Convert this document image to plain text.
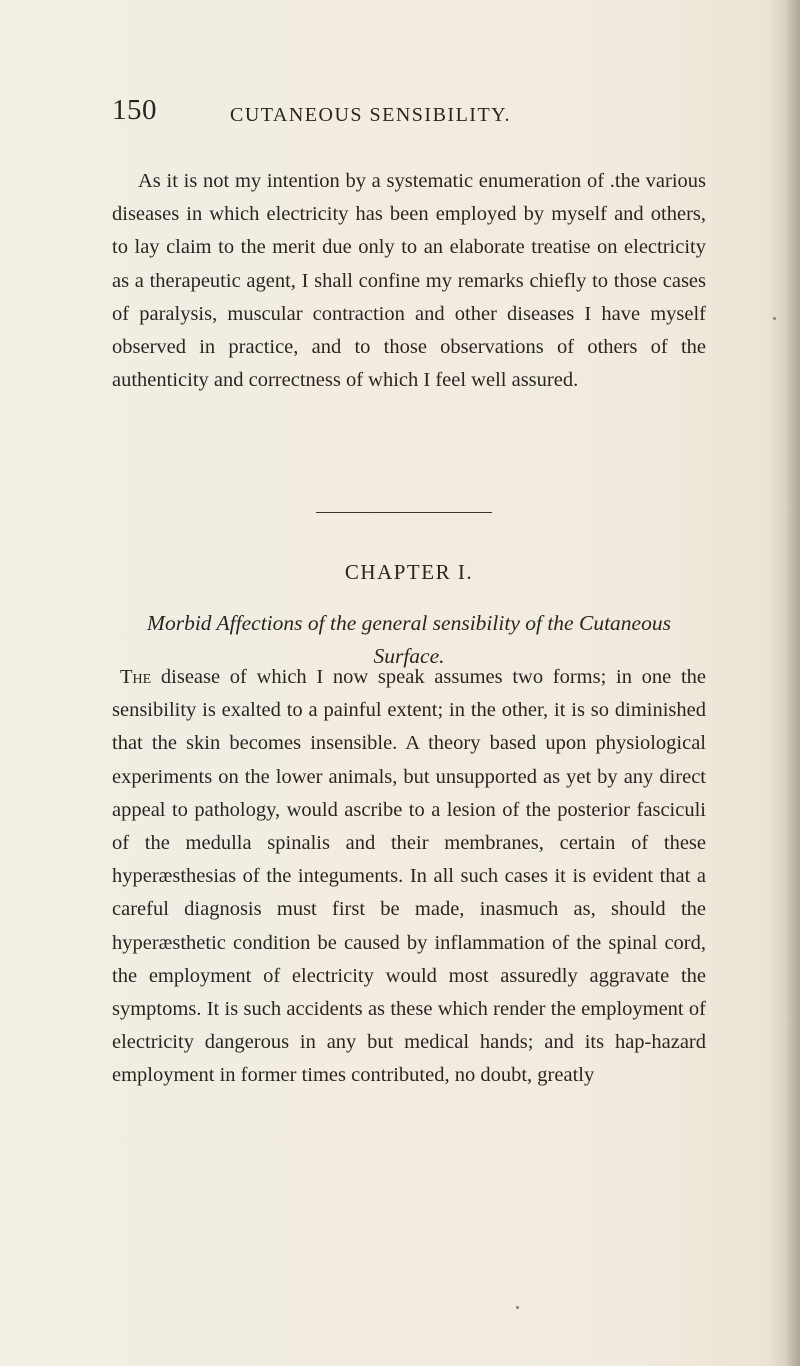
150	CUTANEOUS SENSIBILITY.

As it is not my intention by a systematic enumeration of .the various diseases in which electricity has been employed by myself and others, to lay claim to the merit due only to an elaborate treatise on electricity as a therapeutic agent, I shall confine my remarks chiefly to those cases of paralysis, muscular contraction and other diseases I have myself observed in practice, and to those observations of others of the authenticity and correctness of which I feel well assured.

CHAPTER I.
Morbid Affections of the general sensibility of the Cutaneous Surface.

The disease of which I now speak assumes two forms; in one the sensibility is exalted to a painful extent; in the other, it is so diminished that the skin becomes insensible. A theory based upon physiological experiments on the lower animals, but unsupported as yet by any direct appeal to pathology, would ascribe to a lesion of the posterior fasciculi of the medulla spinalis and their membranes, certain of these hyperæsthesias of the integuments. In all such cases it is evident that a careful diagnosis must first be made, inasmuch as, should the hyperæsthetic condition be caused by inflammation of the spinal cord, the employment of electricity would most assuredly aggravate the symptoms. It is such accidents as these which render the employment of electricity dangerous in any but medical hands; and its hap-hazard employment in former times contributed, no doubt, greatly
